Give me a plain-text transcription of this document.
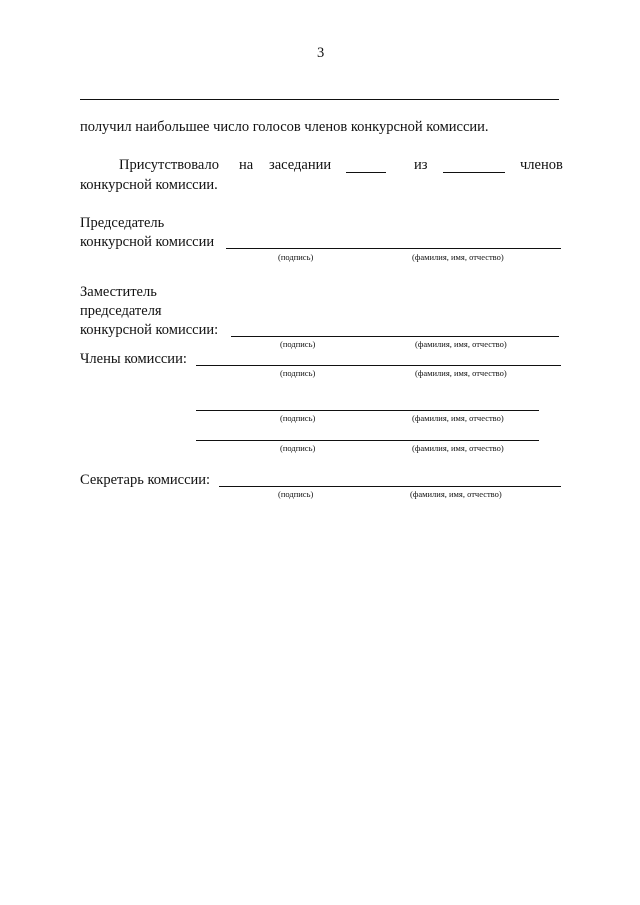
3
получил наибольшее число голосов членов конкурсной комиссии.
Присутствовало на заседании	из	членов
конкурсной комиссии.
Председатель
конкурсной комиссии
(подпись)	(фамилия, имя, отчество)
Заместитель
председателя
конкурсной комиссии:
(подпись)	(фамилия, имя, отчество)
Члены комиссии:
(подпись)	(фамилия, имя, отчество)
(подпись)	(фамилия, имя, отчество)
(подпись)	(фамилия, имя, отчество)
Секретарь комиссии:
(подпись)	(фамилия, имя, отчество)
